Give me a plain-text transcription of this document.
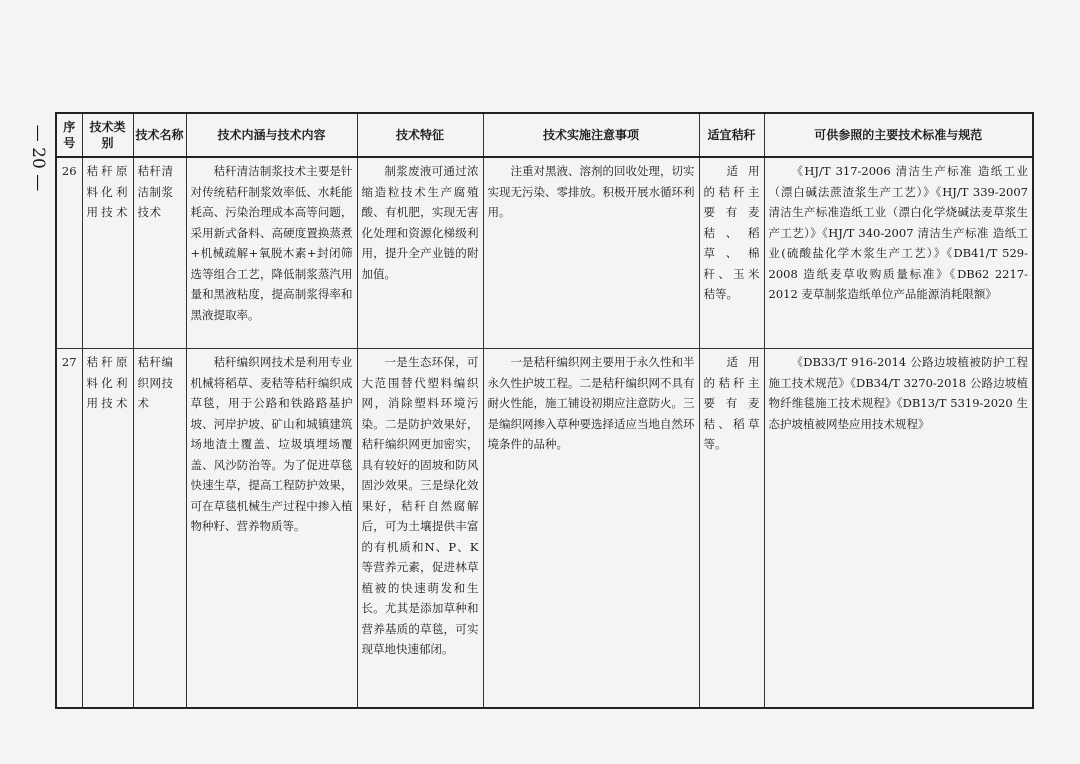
— 20 — 序号	技术类别	技术名称	技术内涵与技术内容	技术特征	技术实施注意事项	适宜秸秆	可供参照的主要技术标准与规范
26	秸秆原料化利用技术	秸秆清洁制浆技术	秸秆清洁制浆技术主要是针对传统秸秆制浆效率低、水耗能耗高、污染治理成本高等问题，采用新式备料、高硬度置换蒸煮+机械疏解+氧脱木素+封闭筛选等组合工艺，降低制浆蒸汽用量和黑液粘度，提高制浆得率和黑液提取率。	制浆废液可通过浓缩造粒技术生产腐殖酸、有机肥，实现无害化处理和资源化梯级利用，提升全产业链的附加值。	注重对黑液、溶剂的回收处理，切实实现无污染、零排放。积极开展水循环利用。	适用的秸秆主要有麦秸、稻草、棉秆、玉米秸等。	《HJ/T 317-2006 清洁生产标准 造纸工业（漂白碱法蔗渣浆生产工艺）》《HJ/T 339-2007 清洁生产标准造纸工业（漂白化学烧碱法麦草浆生产工艺）》《HJ/T 340-2007 清洁生产标准 造纸工业(硫酸盐化学木浆生产工艺）》《DB41/T 529-2008 造纸麦草收购质量标准》《DB62 2217-2012 麦草制浆造纸单位产品能源消耗限额》
27	秸秆原料化利用技术	秸秆编织网技术	秸秆编织网技术是利用专业机械将稻草、麦秸等秸秆编织成草毯，用于公路和铁路路基护坡、河岸护坡、矿山和城镇建筑场地渣土覆盖、垃圾填埋场覆盖、风沙防治等。为了促进草毯快速生草，提高工程防护效果，可在草毯机械生产过程中掺入植物种籽、营养物质等。	一是生态环保，可大范围替代塑料编织网，消除塑料环境污染。二是防护效果好，秸秆编织网更加密实，具有较好的固坡和防风固沙效果。三是绿化效果好，秸秆自然腐解后，可为土壤提供丰富的有机质和N、P、K等营养元素，促进林草植被的快速萌发和生长。尤其是添加草种和营养基质的草毯，可实现草地快速郁闭。	一是秸秆编织网主要用于永久性和半永久性护坡工程。二是秸秆编织网不具有耐火性能，施工铺设初期应注意防火。三是编织网掺入草种要选择适应当地自然环境条件的品种。	适用的秸秆主要有麦秸、稻草等。	《DB33/T 916-2014 公路边坡植被防护工程施工技术规范》《DB34/T 3270-2018 公路边坡植物纤维毯施工技术规程》《DB13/T 5319-2020 生态护坡植被网垫应用技术规程》
